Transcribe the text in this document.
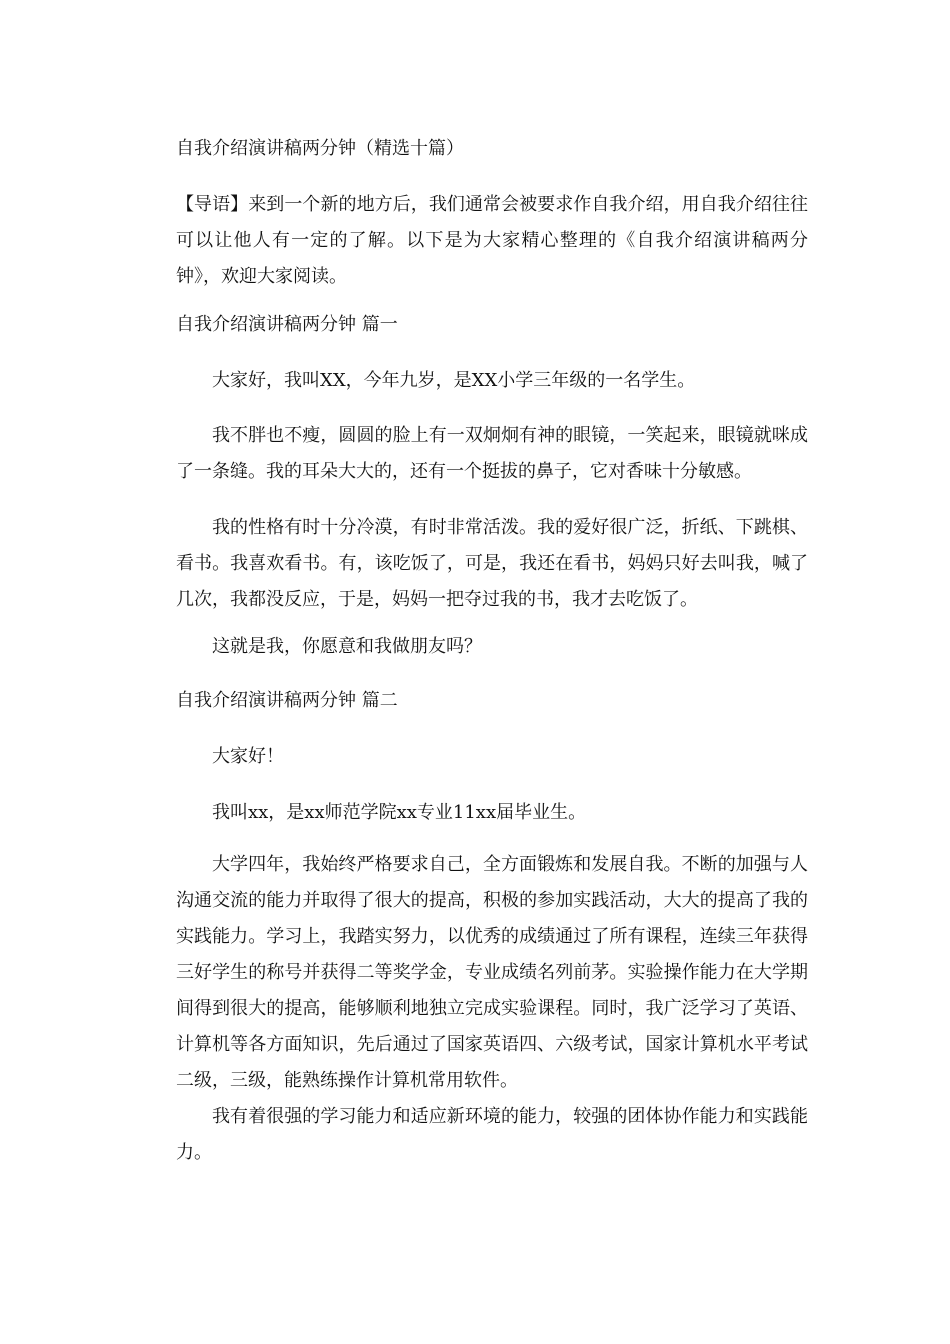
自我介绍演讲稿两分钟（精选十篇）

【导语】来到一个新的地方后，我们通常会被要求作自我介绍，用自我介绍往往可以让他人有一定的了解。以下是为大家精心整理的《自我介绍演讲稿两分钟》，欢迎大家阅读。

自我介绍演讲稿两分钟 篇一

大家好，我叫XX，今年九岁，是XX小学三年级的一名学生。

我不胖也不瘦，圆圆的脸上有一双炯炯有神的眼镜，一笑起来，眼镜就咪成了一条缝。我的耳朵大大的，还有一个挺拔的鼻子，它对香味十分敏感。

我的性格有时十分冷漠，有时非常活泼。我的爱好很广泛，折纸、下跳棋、看书。我喜欢看书。有，该吃饭了，可是，我还在看书，妈妈只好去叫我，喊了几次，我都没反应，于是，妈妈一把夺过我的书，我才去吃饭了。

这就是我，你愿意和我做朋友吗？

自我介绍演讲稿两分钟 篇二

大家好！

我叫xx，是xx师范学院xx专业11xx届毕业生。

大学四年，我始终严格要求自己，全方面锻炼和发展自我。不断的加强与人沟通交流的能力并取得了很大的提高，积极的参加实践活动，大大的提高了我的实践能力。学习上，我踏实努力，以优秀的成绩通过了所有课程，连续三年获得三好学生的称号并获得二等奖学金，专业成绩名列前茅。实验操作能力在大学期间得到很大的提高，能够顺利地独立完成实验课程。同时，我广泛学习了英语、计算机等各方面知识，先后通过了国家英语四、六级考试，国家计算机水平考试二级，三级，能熟练操作计算机常用软件。

我有着很强的学习能力和适应新环境的能力，较强的团体协作能力和实践能力。
